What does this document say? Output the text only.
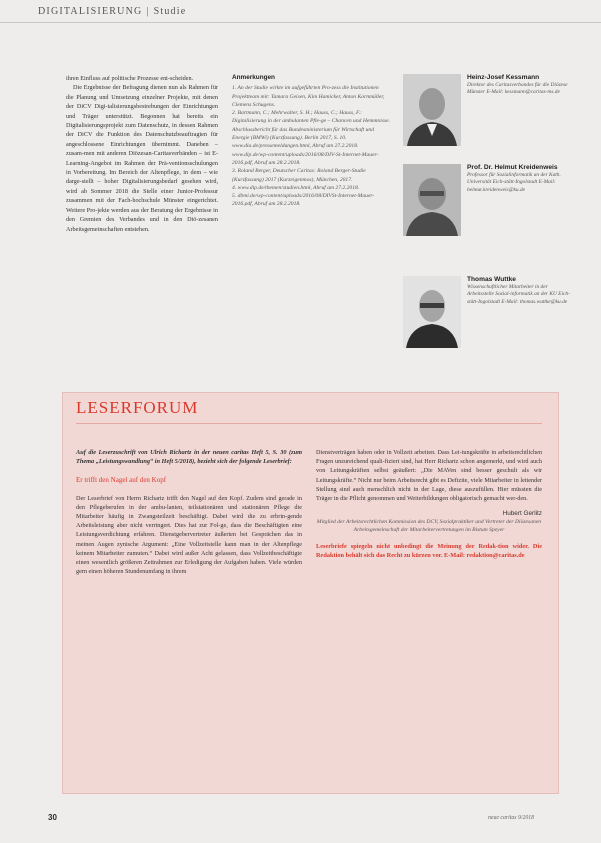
DIGITALISIERUNG | Studie

ihren Einfluss auf politische Prozesse ent-scheiden.

Die Ergebnisse der Befragung dienen nun als Rahmen für die Planung und Umsetzung einzelner Projekte, mit denen der DiCV Digi-talisierungsbestrebungen der Einrichtungen und Träger unterstützt. Begonnen hat bereits ein Digitalisierungsprojekt zum Datenschutz, in dessen Rahmen der DiCV die Funktion des Datenschutzbeauftragten für angeschlossene Einrichtungen übernimmt. Daneben – zusam-men mit anderen Diözesan-Caritasverbänden – ist E-Learning-Angebot im Rahmen der Prä-ventionsschulungen in Vorbereitung. Im Bereich der Altenpflege, in dem – wie darge-stellt – hoher Digitalisierungsbedarf gesehen wird, wird ab Sommer 2018 die Stelle einer Junior-Professur zusammen mit der Fach-hochschule Münster eingerichtet. Weitere Pro-jekte werden aus der Beratung der Ergebnisse in den Gremien des Verbandes und in den Diö-zesanen Arbeitsgemeinschaften entstehen.

Anmerkungen
1. An der Studie wirkte im aufgeführten Pro-zess die Institutionen Projektteam mit: Tamara Geisen, Kim Hamicker, Anton Kornmüller, Clemens Schugens.
2. Bartmann, C.; Mehrwalter, S. H.; Hauss, C.; Hauss, F.: Digitalisierung in der ambulanten Pfle-ge – Chancen und Hemmnisse. Abschlussbericht für das Bundesministerium für Wirtschaft und Energie (BMWi) (Kurzfassung). Berlin 2017, S. 10. www.dia.de/pressemeldungen.html, Abruf am 27.2.2018.
www.dip.de/wp-content/uploads/2016/08/DIV-St-Internet-Mauer-2016.pdf, Abruf am 28.2.2018.
3. Roland Berger, Deutscher Caritas: Roland Berger-Studie (Kurzfassung) 2017 (Kurzeigenmos), München, 2017.
4. www.dip.de/themen/studien.html, Abruf am 27.2.2018.
5. dbmi.de/wp-content/uploads/2016/08/DIVSt-Internet-Mauer-2016.pdf, Abruf am 28.2.2018.
Heinz-Josef Kessmann
Direktor des Caritasverbandes für die Diözese Münster E-Mail: kessmann@caritas-ms.de
Prof. Dr. Helmut Kreidenweis
Professor für Sozialinformatik an der Kath. Universität Eich-stätt-Ingolstadt E-Mail: helmut.kreidenweis@ku.de
Thomas Wuttke
Wissenschaftlicher Mitarbeiter in der Arbeitsstelle Sozial-informatik an der KU Eich-stätt-Ingolstadt E-Mail: thomas.wuttke@ku.de
LESERFORUM

Auf die Leserzuschrift von Ulrich Richartz in der neuen caritas Heft 5, S. 30 (zum Thema „Leistungswandlung“ in Heft 5/2018), bezieht sich der folgende Leserbrief:

Er trifft den Nagel auf den Kopf

Der Leserbrief von Herrn Richartz trifft den Nagel auf den Kopf. Zudem sind gerade in den Pflegeberufen in der ambu-lanten, teilstationären und stationären Pflege die Mitarbeiter häufig in Zwangsteilzeit beschäftigt. Dabei wird die zu erbrin-gende Arbeitsleistung aber nicht verringert. Dies hat zur Fol-ge, dass die Beschäftigten eine Leistungsverdichtung erfahren. Dienstgebervertreter äußerten bei Gesprächen das in meinen Augen zynische Argument: „Eine Vollzeitstelle kann man in der Altenpflege keinem Mitarbeiter zumuten.“ Dabei wird außer Acht gelassen, dass Vollzeitbeschäftigte einen wesentlich größeren Zeitrahmen zur Erledigung der Aufgaben haben. Viele würden gern einen höheren Stundenumfang in ihrem

Dienstverträgen haben oder in Vollzeit arbeiten. Dass Lei-tungskräfte in arbeitsrechtlichen Fragen unzureichend quali-fiziert sind, hat Herr Richartz schon angemerkt, und wird auch von Leitungskräften selbst geäußert: „Die MAVen sind besser geschult als wir Leitungskräfte.“ Nicht nur beim Arbeitsrecht gibt es Defizite, viele Mitarbeiter in leitender Stellung sind auch menschlich nicht in der Lage, diese auszufüllen. Hier müssten die Träger in die Pflicht genommen und Weiterbildungen obligatorisch gemacht wer-den.

Hubert Gerlitz

Mitglied der Arbeitsrechtlichen Kommission des DCV, Sozialpraktiker und Vertreter der Diözesanen Arbeitsgemeinschaft der Mitarbeitervertretungen im Bistum Speyer

Leserbriefe spiegeln nicht unbedingt die Meinung der Redak-tion wider. Die Redaktion behält sich das Recht zu kürzen vor. E-Mail: redaktion@caritas.de

30	neue caritas 9/2018
